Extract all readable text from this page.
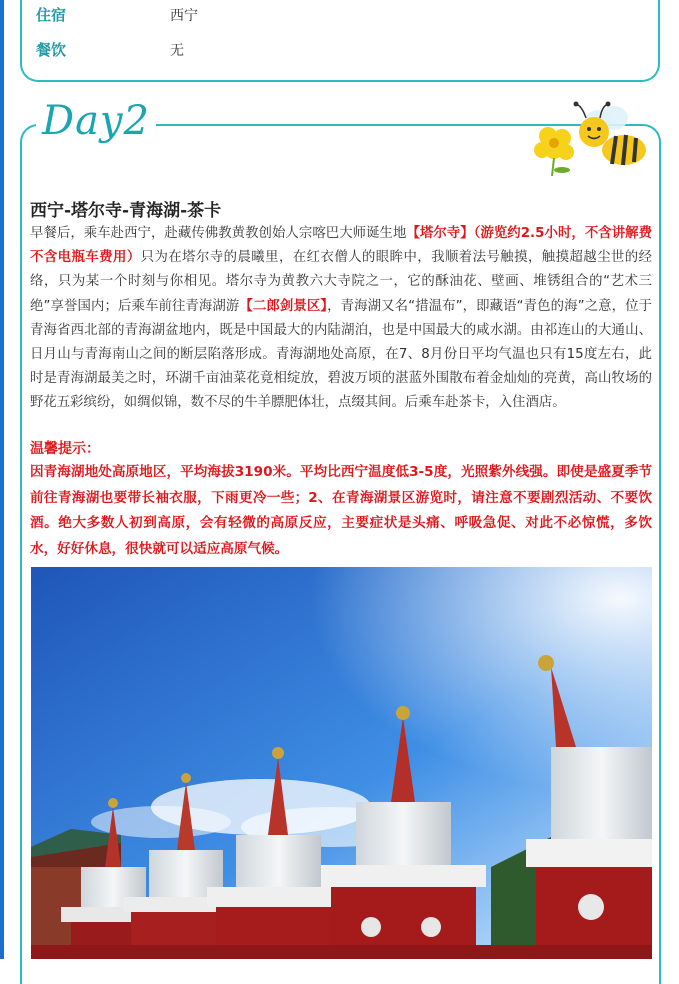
住宿	西宁
餐饮	无
Day2
西宁-塔尔寺-青海湖-茶卡
早餐后，乘车赴西宁，赴藏传佛教黄教创始人宗喀巴大师诞生地【塔尔寺】（游览约2.5小时，不含讲解费不含电瓶车费用）只为在塔尔寺的晨曦里，在红衣僧人的眼眸中，我顺着法号触摸，触摸超越尘世的经络，只为某一个时刻与你相见。塔尔寺为黄教六大寺院之一，它的酥油花、壁画、堆锈组合的“艺术三绝”享誉国内；后乘车前往青海湖游【二郎剑景区】，青海湖又名“措温布”，即藏语“青色的海”之意，位于青海省西北部的青海湖盆地内，既是中国最大的内陆湖泊，也是中国最大的咸水湖。由祁连山的大通山、日月山与青海南山之间的断层陷落形成。青海湖地处高原，在7、8月份日平均气温也只有15度左右，此时是青海湖最美之时，环湖千亩油菜花竟相绽放，碧波万顷的湛蓝外围散布着金灿灿的亮黄，高山牧场的野花五彩缤纷，如绸似锦，数不尽的牛羊膘肥体壮，点缀其间。后乘车赴茶卡，入住酒店。
温馨提示：
因青海湖地处高原地区，平均海拔3190米。平均比西宁温度低3-5度，光照紫外线强。即使是盛夏季节前往青海湖也要带长袖衣服，下雨更冷一些；2、在青海湖景区游览时，请注意不要剧烈活动、不要饮酒。绝大多数人初到高原，会有轻微的高原反应，主要症状是头痛、呼吸急促、对此不必惊慌，多饮水，好好休息，很快就可以适应高原气候。
